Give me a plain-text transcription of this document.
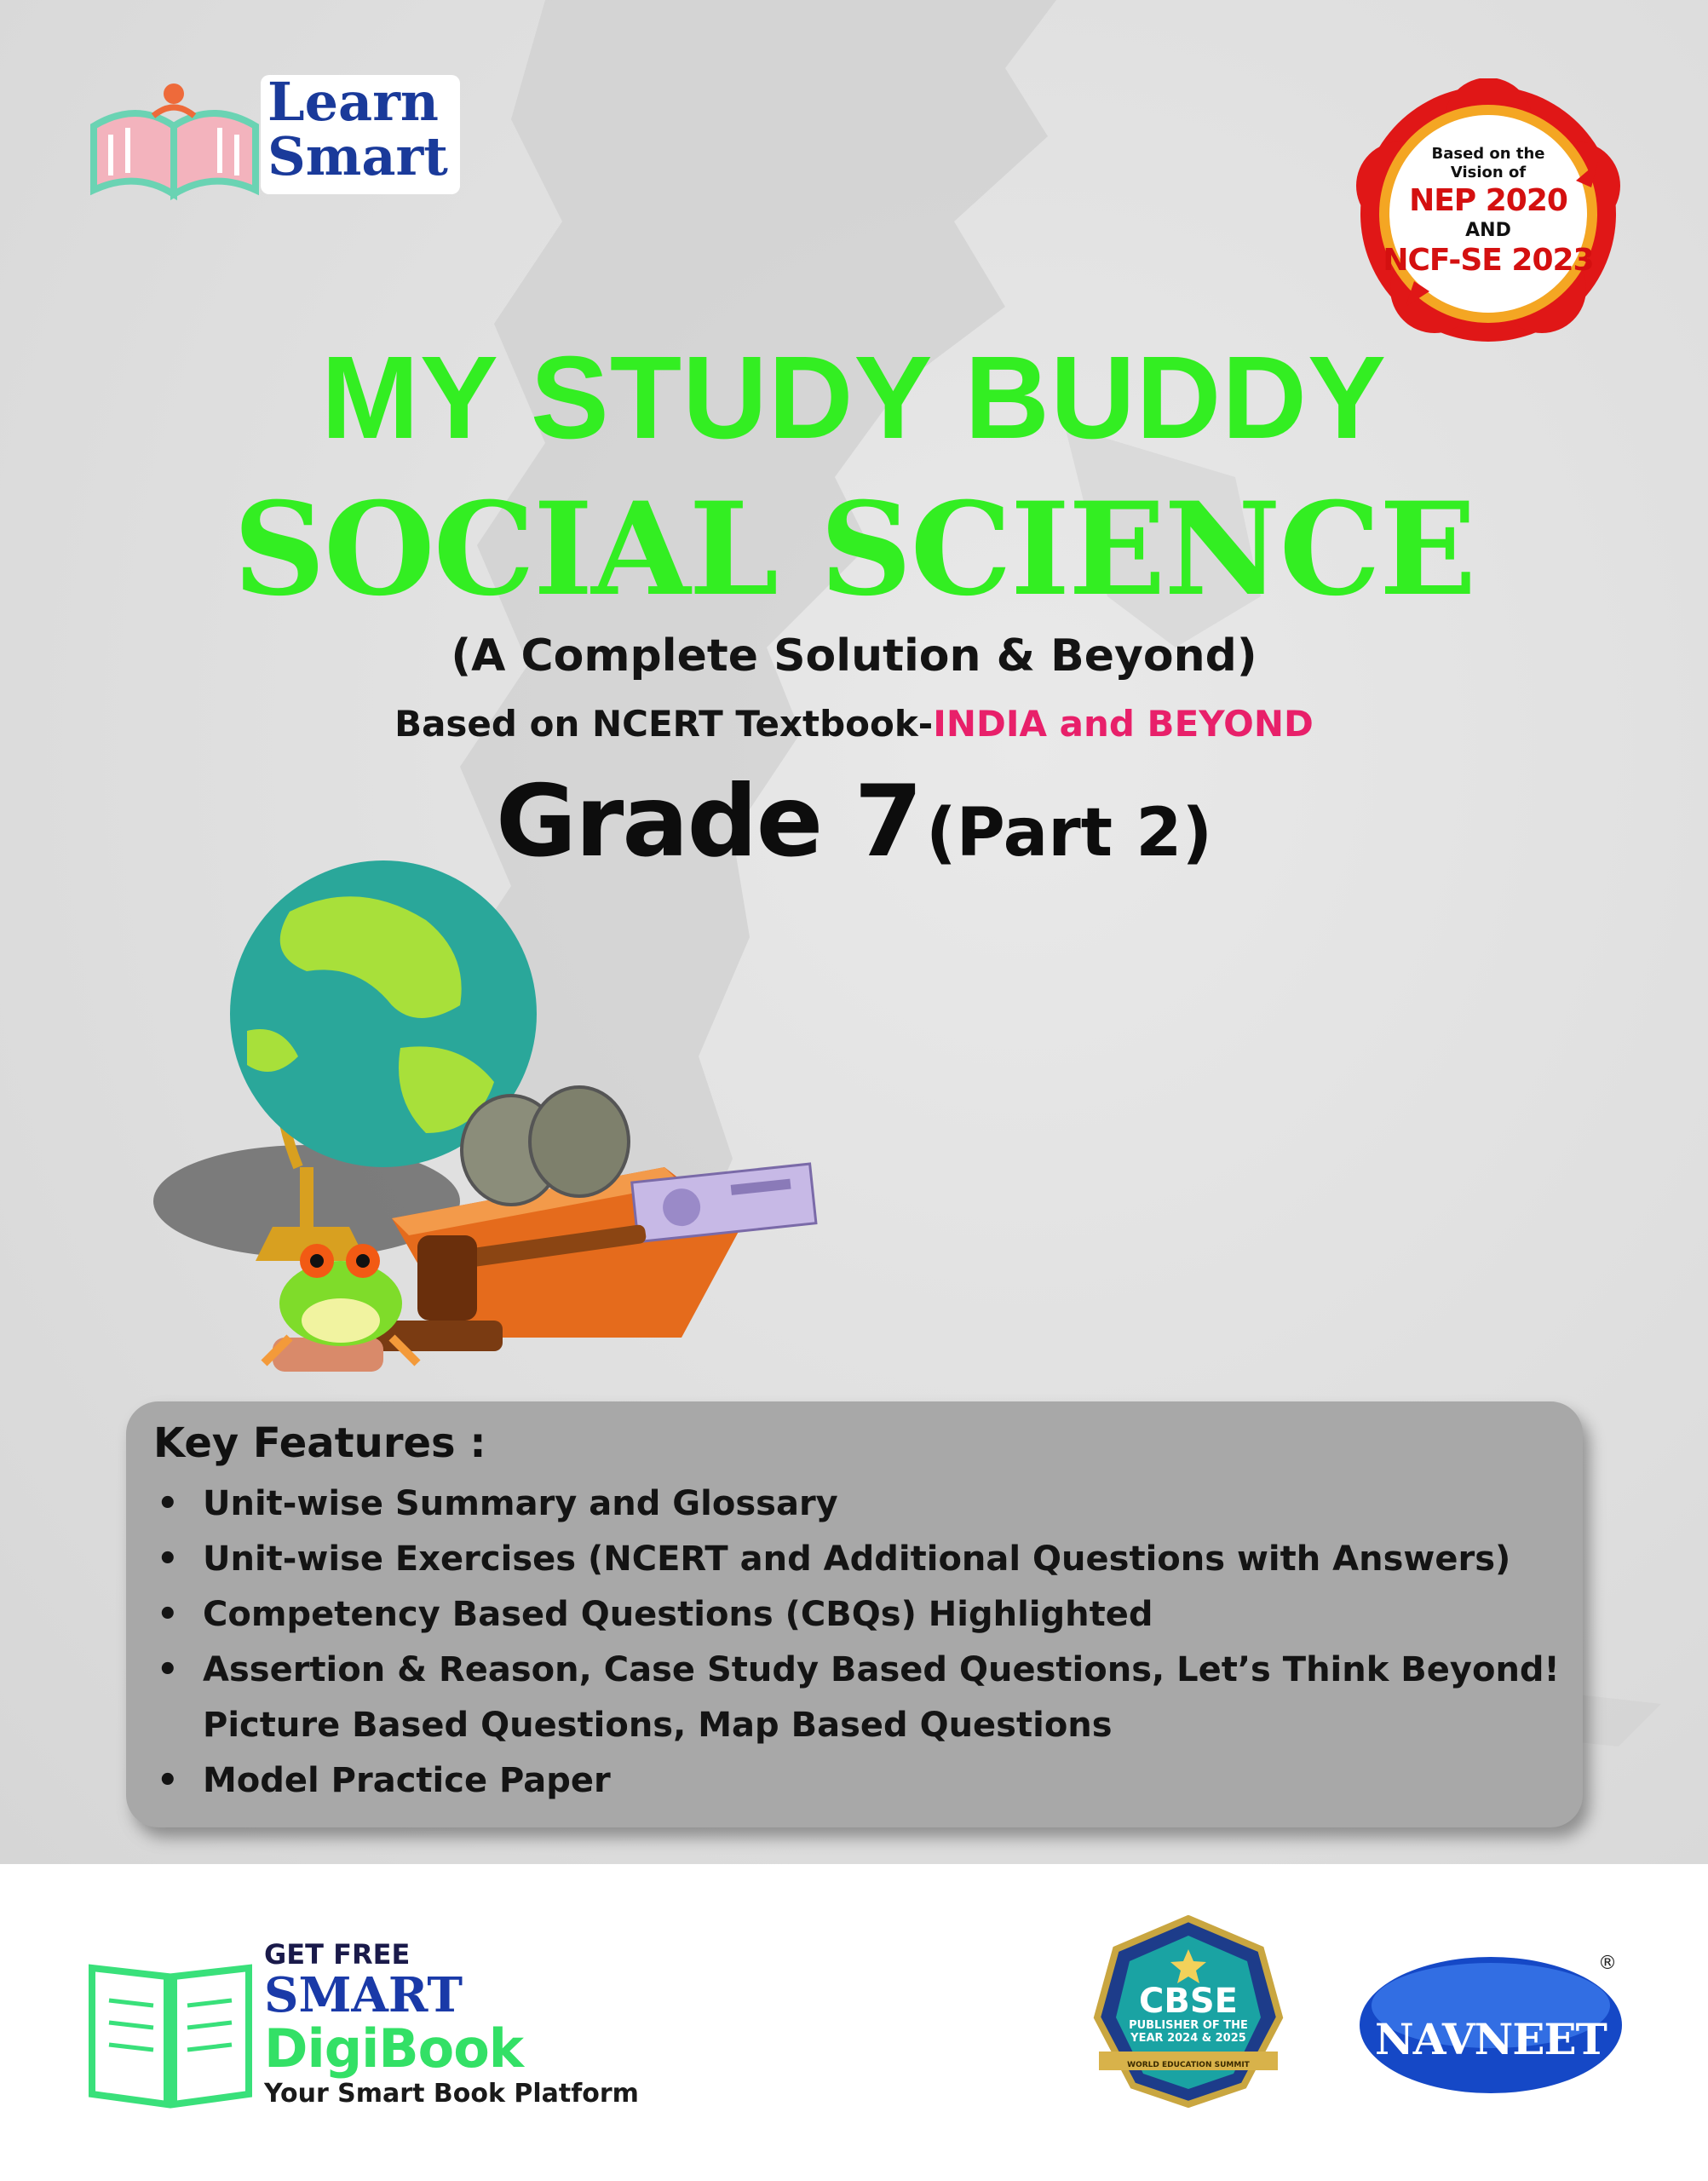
Learn
Smart	Based on the
Vision of
NEP 2020
AND
NCF-SE 2023
MY STUDY BUDDY
SOCIAL SCIENCE
(A Complete Solution & Beyond)
Based on NCERT Textbook-INDIA and BEYOND
Grade 7 (Part 2)
Key Features :
• Unit-wise Summary and Glossary
• Unit-wise Exercises (NCERT and Additional Questions with Answers)
• Competency Based Questions (CBQs) Highlighted
• Assertion & Reason, Case Study Based Questions, Let’s Think Beyond!
Picture Based Questions, Map Based Questions
• Model Practice Paper
GET FREE
SMART
DigiBook
Your Smart Book Platform
CBSE
PUBLISHER OF THE
YEAR 2024 & 2025
WORLD EDUCATION SUMMIT
NAVNEET
®
